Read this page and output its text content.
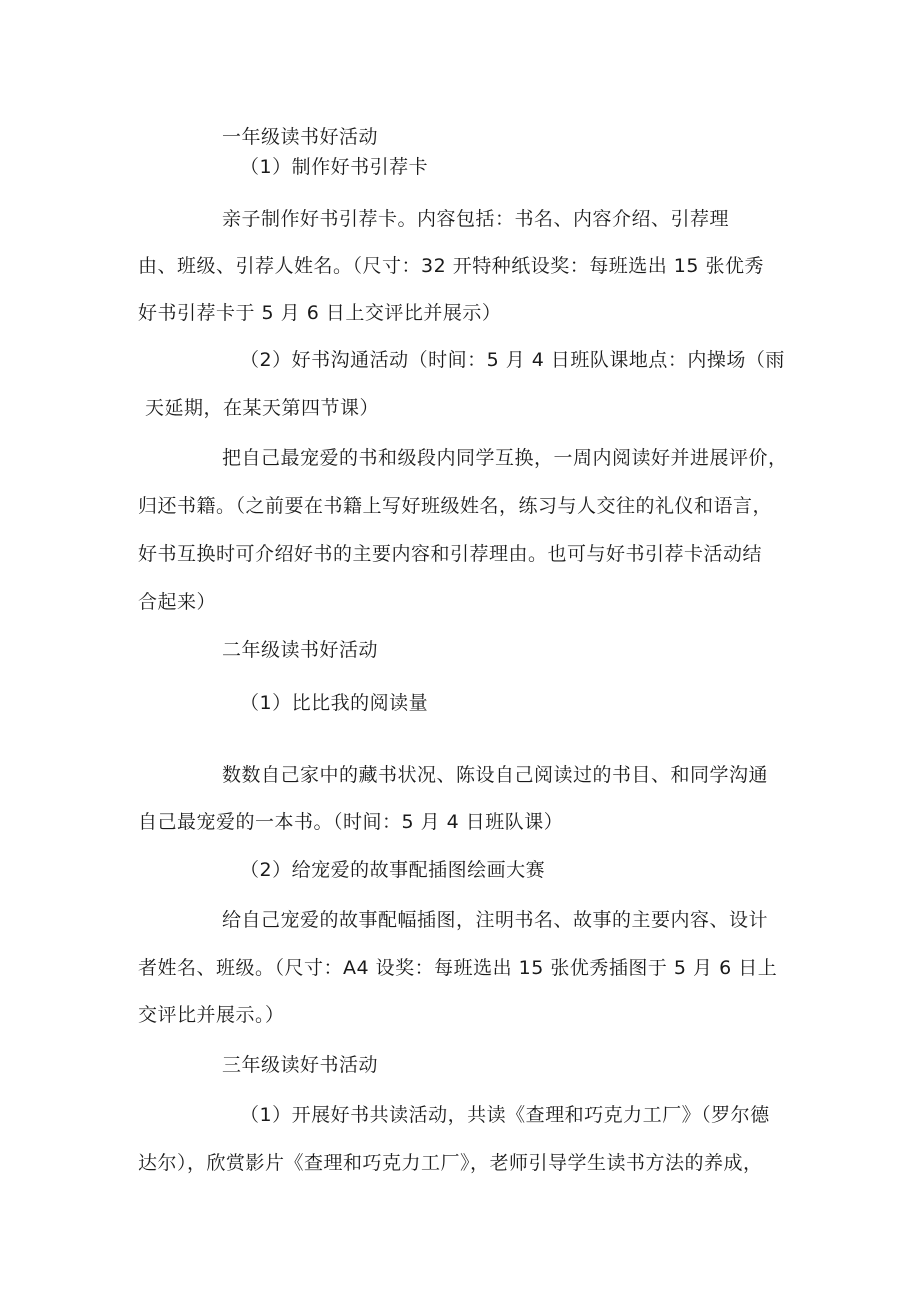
一年级读书好活动
（1）制作好书引荐卡
亲子制作好书引荐卡。内容包括：书名、内容介绍、引荐理
由、班级、引荐人姓名。（尺寸：32 开特种纸设奖：每班选出 15 张优秀
好书引荐卡于 5 月 6 日上交评比并展示）
（2）好书沟通活动（时间：5 月 4 日班队课地点：内操场（雨
天延期，在某天第四节课）
把自己最宠爱的书和级段内同学互换，一周内阅读好并进展评价，
归还书籍。（之前要在书籍上写好班级姓名，练习与人交往的礼仪和语言，
好书互换时可介绍好书的主要内容和引荐理由。也可与好书引荐卡活动结
合起来）
二年级读书好活动
（1）比比我的阅读量
数数自己家中的藏书状况、陈设自己阅读过的书目、和同学沟通
自己最宠爱的一本书。（时间：5 月 4 日班队课）
（2）给宠爱的故事配插图绘画大赛
给自己宠爱的故事配幅插图，注明书名、故事的主要内容、设计
者姓名、班级。（尺寸：A4 设奖：每班选出 15 张优秀插图于 5 月 6 日上
交评比并展示。）
三年级读好书活动
（1）开展好书共读活动，共读《查理和巧克力工厂》（罗尔德
达尔），欣赏影片《查理和巧克力工厂》，老师引导学生读书方法的养成，
